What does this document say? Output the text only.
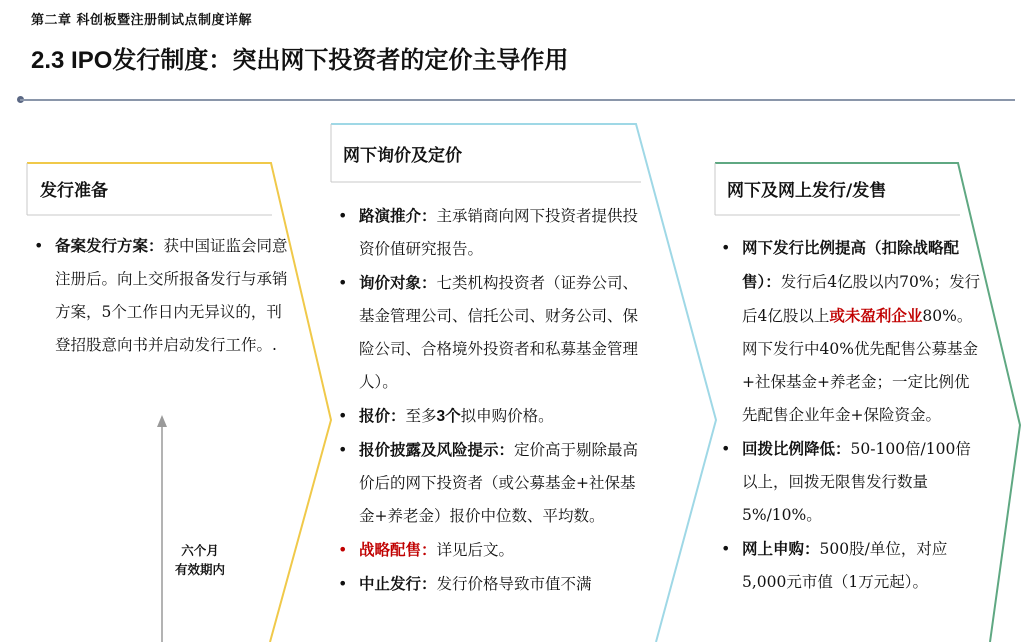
第二章 科创板暨注册制试点制度详解
2.3 IPO发行制度：突出网下投资者的定价主导作用
发行准备
• 备案发行方案：获中国证监会同意注册后。向上交所报备发行与承销方案，5个工作日内无异议的，刊登招股意向书并启动发行工作。.
六个月
有效期内
网下询价及定价
• 路演推介：主承销商向网下投资者提供投资价值研究报告。
• 询价对象：七类机构投资者（证券公司、基金管理公司、信托公司、财务公司、保险公司、合格境外投资者和私募基金管理人）。
• 报价：至多3个拟申购价格。
• 报价披露及风险提示：定价高于剔除最高价后的网下投资者（或公募基金+社保基金+养老金）报价中位数、平均数。
• 战略配售：详见后文。
• 中止发行：发行价格导致市值不满
网下及网上发行/发售
• 网下发行比例提高（扣除战略配售）：发行后4亿股以内70%；发行后4亿股以上或未盈利企业80%。网下发行中40%优先配售公募基金+社保基金+养老金；一定比例优先配售企业年金+保险资金。
• 回拨比例降低：50-100倍/100倍以上，回拨无限售发行数量5%/10%。
• 网上申购：500股/单位，对应5,000元市值（1万元起）。
